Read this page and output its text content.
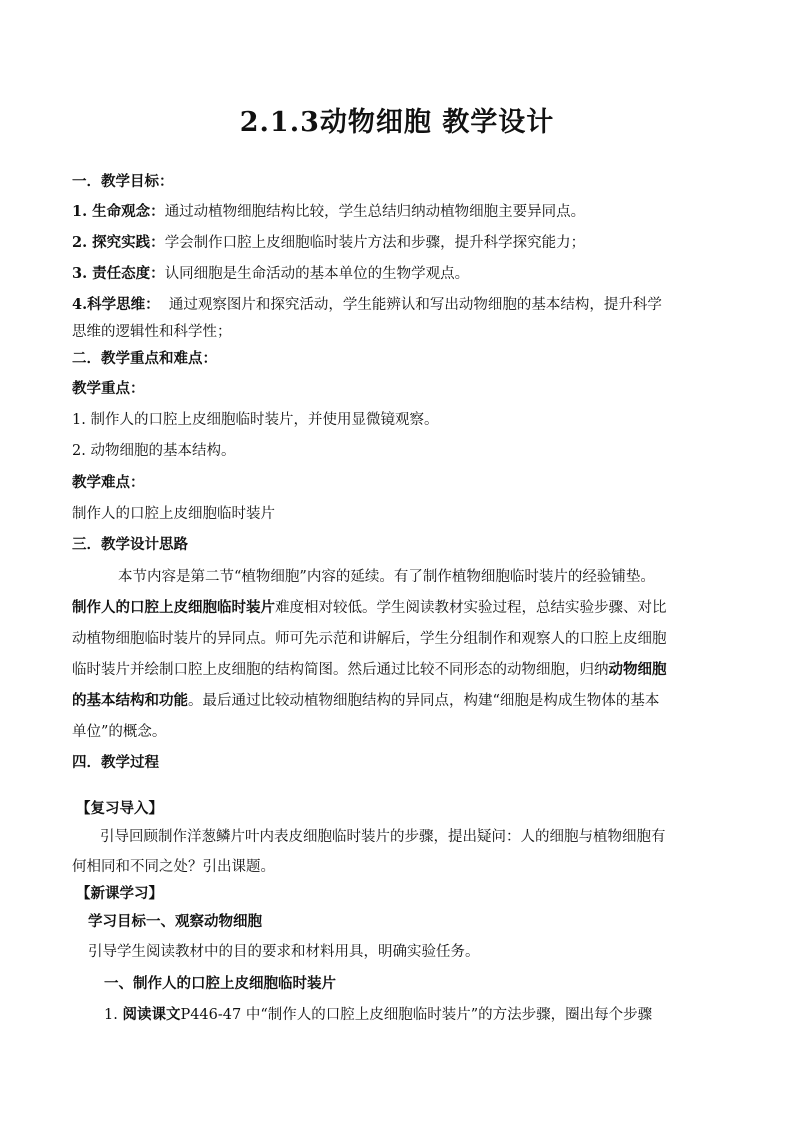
2.1.3动物细胞 教学设计
一．教学目标：
1. 生命观念：通过动植物细胞结构比较，学生总结归纳动植物细胞主要异同点。
2. 探究实践：学会制作口腔上皮细胞临时装片方法和步骤，提升科学探究能力；
3. 责任态度：认同细胞是生命活动的基本单位的生物学观点。
4.科学思维： 通过观察图片和探究活动，学生能辨认和写出动物细胞的基本结构，提升科学
思维的逻辑性和科学性；
二．教学重点和难点：
教学重点：
1. 制作人的口腔上皮细胞临时装片，并使用显微镜观察。
2. 动物细胞的基本结构。
教学难点：
制作人的口腔上皮细胞临时装片
三．教学设计思路
本节内容是第二节“植物细胞”内容的延续。有了制作植物细胞临时装片的经验铺垫。
制作人的口腔上皮细胞临时装片难度相对较低。学生阅读教材实验过程，总结实验步骤、对比
动植物细胞临时装片的异同点。师可先示范和讲解后，学生分组制作和观察人的口腔上皮细胞
临时装片并绘制口腔上皮细胞的结构简图。然后通过比较不同形态的动物细胞，归纳动物细胞
的基本结构和功能。最后通过比较动植物细胞结构的异同点，构建“细胞是构成生物体的基本
单位”的概念。
四．教学过程
【复习导入】
引导回顾制作洋葱鳞片叶内表皮细胞临时装片的步骤，提出疑问：人的细胞与植物细胞有
何相同和不同之处？引出课题。
【新课学习】
学习目标一、观察动物细胞
引导学生阅读教材中的目的要求和材料用具，明确实验任务。
一、制作人的口腔上皮细胞临时装片
1. 阅读课文P446-47 中“制作人的口腔上皮细胞临时装片”的方法步骤，圈出每个步骤
